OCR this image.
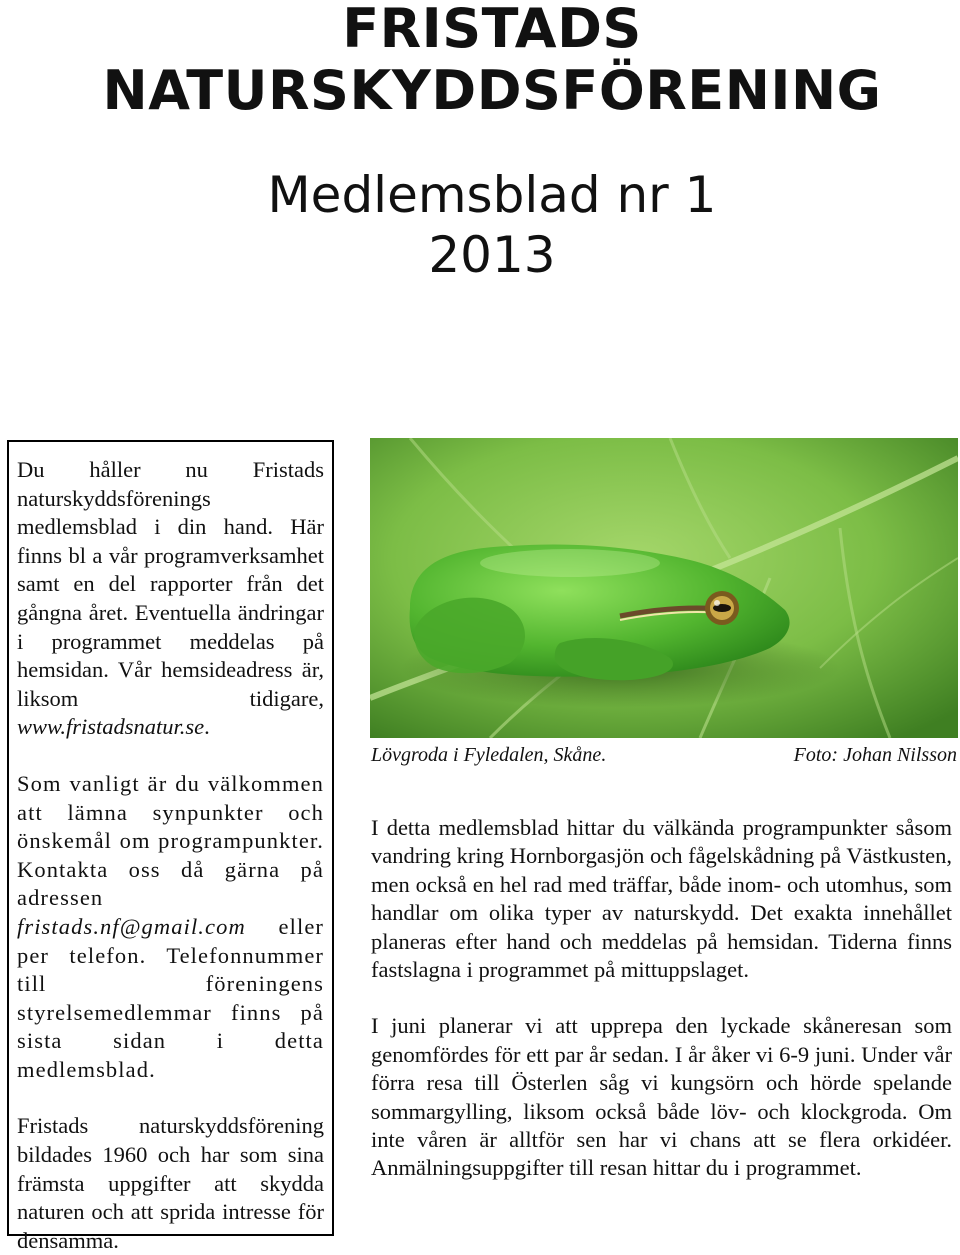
FRISTADS
NATURSKYDDSFÖRENING
Medlemsblad nr 1
2013

Du håller nu Fristads naturskyddsförenings medlemsblad i din hand. Här finns bl a vår programverksamhet samt en del rapporter från det gångna året. Eventuella ändringar i programmet meddelas på hemsidan. Vår hemsideadress är, liksom tidigare, www.fristadsnatur.se.

Som vanligt är du välkommen att lämna synpunkter och önskemål om programpunkter. Kontakta oss då gärna på adressen fristads.nf@gmail.com eller per telefon. Telefonnummer till föreningens styrelsemedlemmar finns på sista sidan i detta medlemsblad.

Fristads naturskyddsförening bildades 1960 och har som sina främsta uppgifter att skydda naturen och att sprida intresse för densamma.

Lövgroda i Fyledalen, Skåne.	Foto: Johan Nilsson

I detta medlemsblad hittar du välkända programpunkter såsom vandring kring Hornborgasjön och fågelskådning på Västkusten, men också en hel rad med träffar, både inom- och utomhus, som handlar om olika typer av naturskydd. Det exakta innehållet planeras efter hand och meddelas på hemsidan. Tiderna finns fastslagna i programmet på mittuppslaget.

I juni planerar vi att upprepa den lyckade skåneresan som genomfördes för ett par år sedan. I år åker vi 6-9 juni. Under vår förra resa till Österlen såg vi kungsörn och hörde spelande sommargylling, liksom också både löv- och klockgroda. Om inte våren är alltför sen har vi chans att se flera orkidéer. Anmälningsuppgifter till resan hittar du i programmet.
